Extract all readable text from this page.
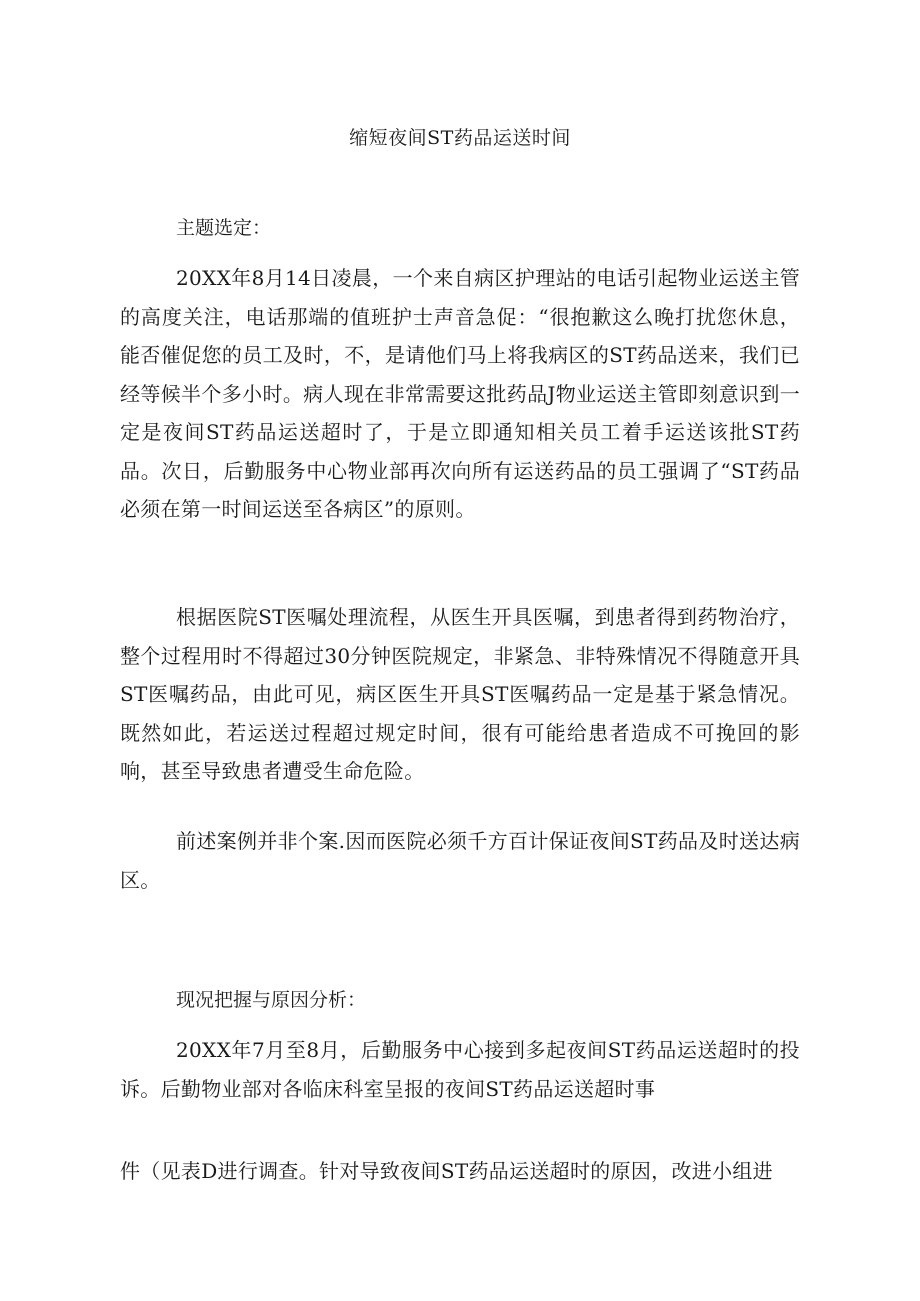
缩短夜间ST药品运送时间
主题选定：
20XX年8月14日凌晨，一个来自病区护理站的电话引起物业运送主管的高度关注，电话那端的值班护士声音急促：“很抱歉这么晚打扰您休息，能否催促您的员工及时，不，是请他们马上将我病区的ST药品送来，我们已经等候半个多小时。病人现在非常需要这批药品J物业运送主管即刻意识到一定是夜间ST药品运送超时了，于是立即通知相关员工着手运送该批ST药品。次日，后勤服务中心物业部再次向所有运送药品的员工强调了“ST药品必须在第一时间运送至各病区”的原则。
根据医院ST医嘱处理流程，从医生开具医嘱，到患者得到药物治疗，整个过程用时不得超过30分钟医院规定，非紧急、非特殊情况不得随意开具ST医嘱药品，由此可见，病区医生开具ST医嘱药品一定是基于紧急情况。既然如此，若运送过程超过规定时间，很有可能给患者造成不可挽回的影响，甚至导致患者遭受生命危险。
前述案例并非个案.因而医院必须千方百计保证夜间ST药品及时送达病区。
现况把握与原因分析：
20XX年7月至8月，后勤服务中心接到多起夜间ST药品运送超时的投诉。后勤物业部对各临床科室呈报的夜间ST药品运送超时事
件（见表D进行调查。针对导致夜间ST药品运送超时的原因，改进小组进
